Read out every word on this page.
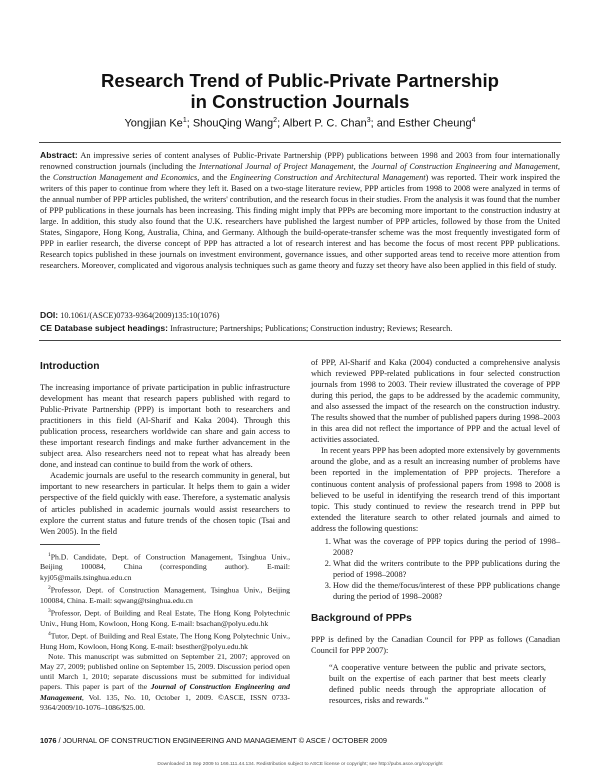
Research Trend of Public-Private Partnership
in Construction Journals
Yongjian Ke$^1$; ShouQing Wang$^2$; Albert P. C. Chan$^3$; and Esther Cheung$^4$
Abstract: An impressive series of content analyses of Public-Private Partnership (PPP) publications between 1998 and 2003 from four internationally renowned construction journals (including the International Journal of Project Management, the Journal of Construction Engineering and Management, the Construction Management and Economics, and the Engineering Construction and Architectural Management) was reported. Their work inspired the writers of this paper to continue from where they left it. Based on a two-stage literature review, PPP articles from 1998 to 2008 were analyzed in terms of the annual number of PPP articles published, the writers' contribution, and the research focus in their studies. From the analysis it was found that the number of PPP publications in these journals has been increasing. This finding might imply that PPPs are becoming more important to the construction industry at large. In addition, this study also found that the U.K. researchers have published the largest number of PPP articles, followed by those from the United States, Singapore, Hong Kong, Australia, China, and Germany. Although the build-operate-transfer scheme was the most frequently investigated form of PPP in earlier research, the diverse concept of PPP has attracted a lot of research interest and has become the focus of most recent PPP publications. Research topics published in these journals on investment environment, governance issues, and other supported areas tend to receive more attention from researchers. Moreover, complicated and vigorous analysis techniques such as game theory and fuzzy set theory have also been applied in this field of study.
DOI: 10.1061/(ASCE)0733-9364(2009)135:10(1076)
CE Database subject headings: Infrastructure; Partnerships; Publications; Construction industry; Reviews; Research.
Introduction

The increasing importance of private participation in public infrastructure development has meant that research papers published with regard to Public-Private Partnership (PPP) is important both to researchers and practitioners in this field (Al-Sharif and Kaka 2004). Through this publication process, researchers worldwide can share and gain access to these important research findings and make further advancement in the subject area. Also researchers need not to repeat what has already been done, and instead can continue to build from the work of others.

Academic journals are useful to the research community in general, but important to new researchers in particular. It helps them to gain a wider perspective of the field quickly with ease. Therefore, a systematic analysis of articles published in academic journals would assist researchers to explore the current status and future trends of the chosen topic (Tsai and Wen 2005). In the field

$^1$Ph.D. Candidate, Dept. of Construction Management, Tsinghua Univ., Beijing 100084, China (corresponding author). E-mail: kyj05@mails.tsinghua.edu.cn

$^2$Professor, Dept. of Construction Management, Tsinghua Univ., Beijing 100084, China. E-mail: sqwang@tsinghua.edu.cn

$^3$Professor, Dept. of Building and Real Estate, The Hong Kong Polytechnic Univ., Hung Hom, Kowloon, Hong Kong. E-mail: bsachan@polyu.edu.hk

$^4$Tutor, Dept. of Building and Real Estate, The Hong Kong Polytechnic Univ., Hung Hom, Kowloon, Hong Kong. E-mail: bsesther@polyu.edu.hk

Note. This manuscript was submitted on September 21, 2007; approved on May 27, 2009; published online on September 15, 2009. Discussion period open until March 1, 2010; separate discussions must be submitted for individual papers. This paper is part of the Journal of Construction Engineering and Management, Vol. 135, No. 10, October 1, 2009. ©ASCE, ISSN 0733-9364/2009/10-1076–1086/$25.00.

of PPP, Al-Sharif and Kaka (2004) conducted a comprehensive analysis which reviewed PPP-related publications in four selected construction journals from 1998 to 2003. Their review illustrated the coverage of PPP during this period, the gaps to be addressed by the academic community, and also assessed the impact of the research on the construction industry. The results showed that the number of published papers during 1998–2003 in this area did not reflect the importance of PPP and the actual level of activities associated.

In recent years PPP has been adopted more extensively by governments around the globe, and as a result an increasing number of problems have been reported in the implementation of PPP projects. Therefore a continuous content analysis of professional papers from 1998 to 2008 is believed to be useful in identifying the research trend of this important topic. This study continued to review the research trend in PPP but extended the literature search to other related journals and aimed to address the following questions:

1. What was the coverage of PPP topics during the period of 1998–2008?
2. What did the writers contribute to the PPP publications during the period of 1998–2008?
3. How did the theme/focus/interest of these PPP publications change during the period of 1998–2008?
Background of PPPs

PPP is defined by the Canadian Council for PPP as follows (Canadian Council for PPP 2007):

“A cooperative venture between the public and private sectors, built on the expertise of each partner that best meets clearly defined public needs through the appropriate allocation of resources, risks and rewards.”
1076 / JOURNAL OF CONSTRUCTION ENGINEERING AND MANAGEMENT © ASCE / OCTOBER 2009
Downloaded 15 Sep 2009 to 166.111.44.134. Redistribution subject to ASCE license or copyright; see http://pubs.asce.org/copyright
